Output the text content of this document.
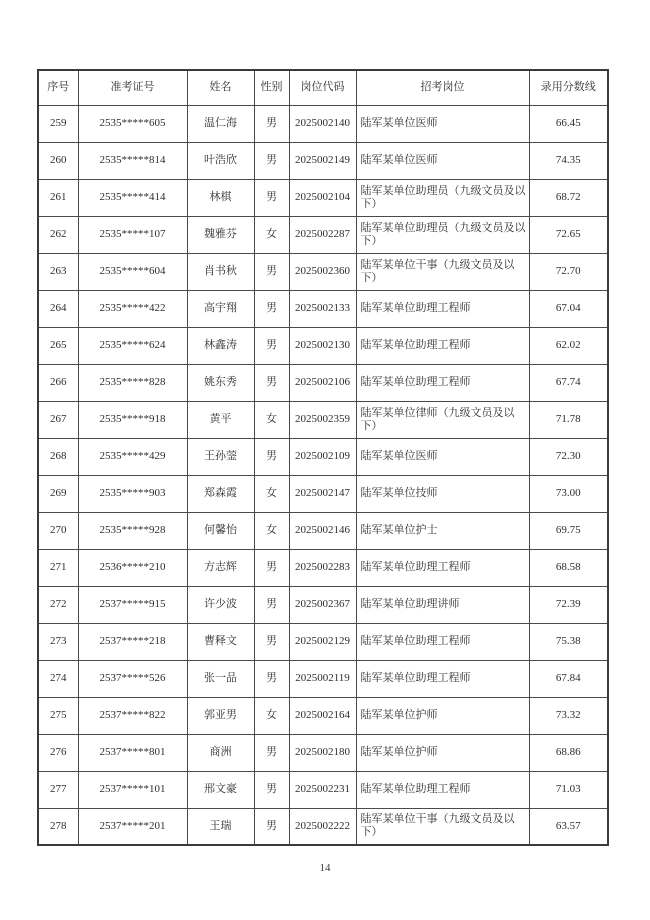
序号	准考证号	姓名	性别	岗位代码	招考岗位	录用分数线
259	2535*****605	温仁海	男	2025002140	陆军某单位医师	66.45
260	2535*****814	叶浩欣	男	2025002149	陆军某单位医师	74.35
261	2535*****414	林棋	男	2025002104	陆军某单位助理员（九级文员及以下）	68.72
262	2535*****107	魏雅芬	女	2025002287	陆军某单位助理员（九级文员及以下）	72.65
263	2535*****604	肖书秋	男	2025002360	陆军某单位干事（九级文员及以下）	72.70
264	2535*****422	高宇翔	男	2025002133	陆军某单位助理工程师	67.04
265	2535*****624	林鑫涛	男	2025002130	陆军某单位助理工程师	62.02
266	2535*****828	姚东秀	男	2025002106	陆军某单位助理工程师	67.74
267	2535*****918	黄平	女	2025002359	陆军某单位律师（九级文员及以下）	71.78
268	2535*****429	王孙蓥	男	2025002109	陆军某单位医师	72.30
269	2535*****903	郑森霞	女	2025002147	陆军某单位技师	73.00
270	2535*****928	何馨怡	女	2025002146	陆军某单位护士	69.75
271	2536*****210	方志辉	男	2025002283	陆军某单位助理工程师	68.58
272	2537*****915	许少波	男	2025002367	陆军某单位助理讲师	72.39
273	2537*****218	曹释文	男	2025002129	陆军某单位助理工程师	75.38
274	2537*****526	张一品	男	2025002119	陆军某单位助理工程师	67.84
275	2537*****822	郭亚男	女	2025002164	陆军某单位护师	73.32
276	2537*****801	商洲	男	2025002180	陆军某单位护师	68.86
277	2537*****101	邢文豪	男	2025002231	陆军某单位助理工程师	71.03
278	2537*****201	王瑞	男	2025002222	陆军某单位干事（九级文员及以下）	63.57
14
